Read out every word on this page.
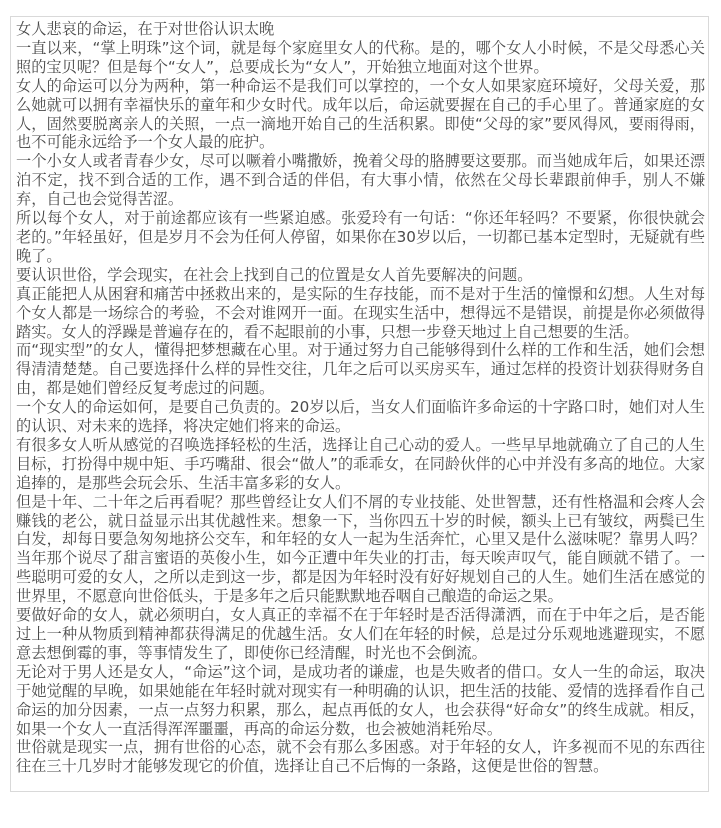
女人悲哀的命运，在于对世俗认识太晚

一直以来，“掌上明珠”这个词，就是每个家庭里女人的代称。是的，哪个女人小时候，不是父母悉心关照的宝贝呢？但是每个“女人”，总要成长为“女人”，开始独立地面对这个世界。

女人的命运可以分为两种，第一种命运不是我们可以掌控的，一个女人如果家庭环境好，父母关爱，那么她就可以拥有幸福快乐的童年和少女时代。成年以后，命运就要握在自己的手心里了。普通家庭的女人，固然要脱离亲人的关照，一点一滴地开始自己的生活积累。即使“父母的家”要风得风，要雨得雨，也不可能永远给予一个女人最的庇护。

一个小女人或者青春少女，尽可以噘着小嘴撒娇，挽着父母的胳膊要这要那。而当她成年后，如果还漂泊不定，找不到合适的工作，遇不到合适的伴侣，有大事小情，依然在父母长辈跟前伸手，别人不嫌弃，自己也会觉得苦涩。

所以每个女人，对于前途都应该有一些紧迫感。张爱玲有一句话：“你还年轻吗？不要紧，你很快就会老的。”年轻虽好，但是岁月不会为任何人停留，如果你在30岁以后，一切都已基本定型时，无疑就有些晚了。

要认识世俗，学会现实，在社会上找到自己的位置是女人首先要解决的问题。

真正能把人从困窘和痛苦中拯救出来的，是实际的生存技能，而不是对于生活的憧憬和幻想。人生对每个女人都是一场综合的考验，不会对谁网开一面。在现实生活中，想得远不是错误，前提是你必须做得踏实。女人的浮躁是普遍存在的，看不起眼前的小事，只想一步登天地过上自己想要的生活。

而“现实型”的女人，懂得把梦想藏在心里。对于通过努力自己能够得到什么样的工作和生活，她们会想得清清楚楚。自己要选择什么样的异性交往，几年之后可以买房买车，通过怎样的投资计划获得财务自由，都是她们曾经反复考虑过的问题。

一个女人的命运如何，是要自己负责的。20岁以后，当女人们面临许多命运的十字路口时，她们对人生的认识、对未来的选择，将决定她们将来的命运。

有很多女人听从感觉的召唤选择轻松的生活，选择让自己心动的爱人。一些早早地就确立了自己的人生目标，打扮得中规中矩、手巧嘴甜、很会“做人”的乖乖女，在同龄伙伴的心中并没有多高的地位。大家追捧的，是那些会玩会乐、生活丰富多彩的女人。

但是十年、二十年之后再看呢？那些曾经让女人们不屑的专业技能、处世智慧，还有性格温和会疼人会赚钱的老公，就日益显示出其优越性来。想象一下，当你四五十岁的时候，额头上已有皱纹，两鬓已生白发，却每日要急匆匆地挤公交车，和年轻的女人一起为生活奔忙，心里又是什么滋味呢？靠男人吗？当年那个说尽了甜言蜜语的英俊小生，如今正遭中年失业的打击，每天唉声叹气，能自顾就不错了。一些聪明可爱的女人，之所以走到这一步，都是因为年轻时没有好好规划自己的人生。她们生活在感觉的世界里，不愿意向世俗低头，于是多年之后只能默默地吞咽自己酿造的命运之果。

要做好命的女人，就必须明白，女人真正的幸福不在于年轻时是否活得潇洒，而在于中年之后，是否能过上一种从物质到精神都获得满足的优越生活。女人们在年轻的时候，总是过分乐观地逃避现实，不愿意去想倒霉的事，等事情发生了，即使你已经清醒，时光也不会倒流。

无论对于男人还是女人，“命运”这个词，是成功者的谦虚，也是失败者的借口。女人一生的命运，取决于她觉醒的早晚，如果她能在年轻时就对现实有一种明确的认识，把生活的技能、爱情的选择看作自己命运的加分因素，一点一点努力积累，那么，起点再低的女人，也会获得“好命女”的终生成就。相反，如果一个女人一直活得浑浑噩噩，再高的命运分数，也会被她消耗殆尽。

世俗就是现实一点，拥有世俗的心态，就不会有那么多困惑。对于年轻的女人，许多视而不见的东西往往在三十几岁时才能够发现它的价值，选择让自己不后悔的一条路，这便是世俗的智慧。
